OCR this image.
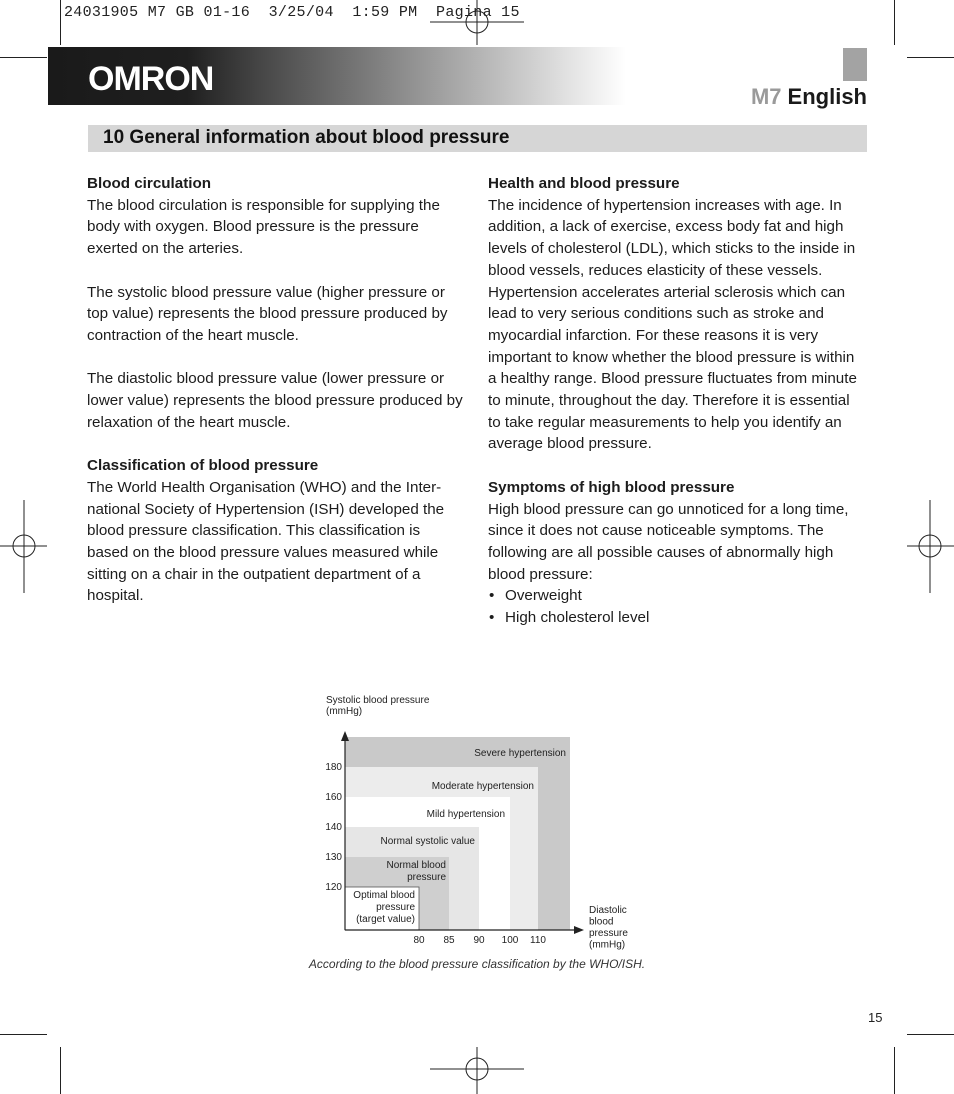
24031905 M7 GB 01-16  3/25/04  1:59 PM  Pagina 15
OMRON	M7 English
10 General information about blood pressure
Blood circulation

The blood circulation is responsible for supplying the body with oxygen. Blood pressure is the pressure exerted on the arteries.

The systolic blood pressure value (higher pressure or top value) represents the blood pressure produced by contraction of the heart muscle.

The diastolic blood pressure value (lower pressure or lower value) represents the blood pressure produced by relaxation of the heart muscle.

Classification of blood pressure

The World Health Organisation (WHO) and the Inter-national Society of Hypertension (ISH) developed the blood pressure classification. This classification is based on the blood pressure values measured while sitting on a chair in the outpatient department of a hospital.

Health and blood pressure

The incidence of hypertension increases with age. In addition, a lack of exercise, excess body fat and high levels of cholesterol (LDL), which sticks to the inside in blood vessels, reduces elasticity of these vessels. Hypertension accelerates arterial sclerosis which can lead to very serious conditions such as stroke and myocardial infarction. For these reasons it is very important to know whether the blood pressure is within a healthy range. Blood pressure fluctuates from minute to minute, throughout the day. Therefore it is essential to take regular measurements to help you identify an average blood pressure.

Symptoms of high blood pressure

High blood pressure can go unnoticed for a long time, since it does not cause noticeable symptoms. The following are all possible causes of abnormally high blood pressure:

• Overweight
• High cholesterol level
Severe hypertension
Moderate hypertension
Mild hypertension
Normal systolic value
Normal blood
pressure
Optimal blood
pressure
(target value)
120
130
140
160
180
80 85 90 100 110
Systolic blood pressure
(mmHg)
Diastolic
blood
pressure
(mmHg)
According to the blood pressure classification by the WHO/ISH.
15
